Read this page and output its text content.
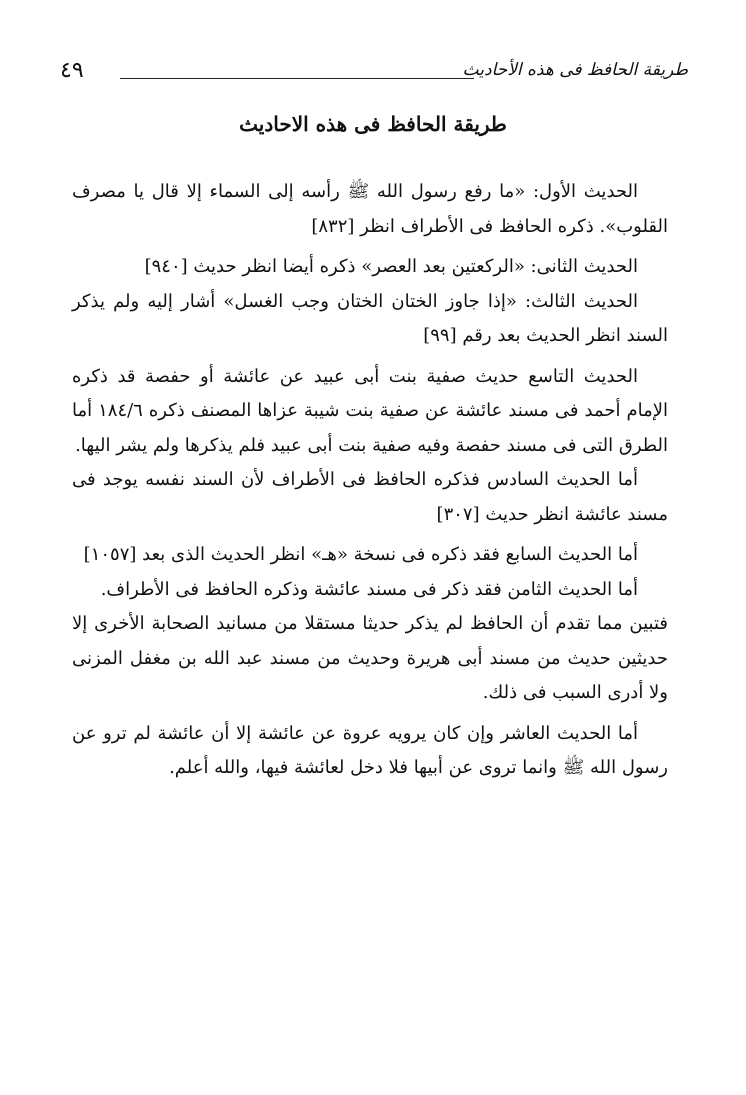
طريقة الحافظ فى هذه الأحاديث
٤٩
طريقة الحافظ فى هذه الاحاديث

الحديث الأول: «ما رفع رسول الله ﷺ رأسه إلى السماء إلا قال يا مصرف القلوب». ذكره الحافظ فى الأطراف انظر [٨٣٢]

الحديث الثانى: «الركعتين بعد العصر» ذكره أيضا انظر حديث [٩٤٠]

الحديث الثالث: «إذا جاوز الختان الختان وجب الغسل» أشار إليه ولم يذكر السند انظر الحديث بعد رقم [٩٩]

الحديث التاسع حديث صفية بنت أبى عبيد عن عائشة أو حفصة قد ذكره الإمام أحمد فى مسند عائشة عن صفية بنت شيبة عزاها المصنف ذكره ١٨٤/٦ أما الطرق التى فى مسند حفصة وفيه صفية بنت أبى عبيد فلم يذكرها ولم يشر اليها.

أما الحديث السادس فذكره الحافظ فى الأطراف لأن السند نفسه يوجد فى مسند عائشة انظر حديث [٣٠٧]

أما الحديث السابع فقد ذكره فى نسخة «هـ» انظر الحديث الذى بعد [١٠٥٧]

أما الحديث الثامن فقد ذكر فى مسند عائشة وذكره الحافظ فى الأطراف.

فتبين مما تقدم أن الحافظ لم يذكر حديثا مستقلا من مسانيد الصحابة الأخرى إلا حديثين حديث من مسند أبى هريرة وحديث من مسند عبد الله بن مغفل المزنى ولا أدرى السبب فى ذلك.

أما الحديث العاشر وإن كان يرويه عروة عن عائشة إلا أن عائشة لم ترو عن رسول الله ﷺ وانما تروى عن أبيها فلا دخل لعائشة فيها، والله أعلم.
